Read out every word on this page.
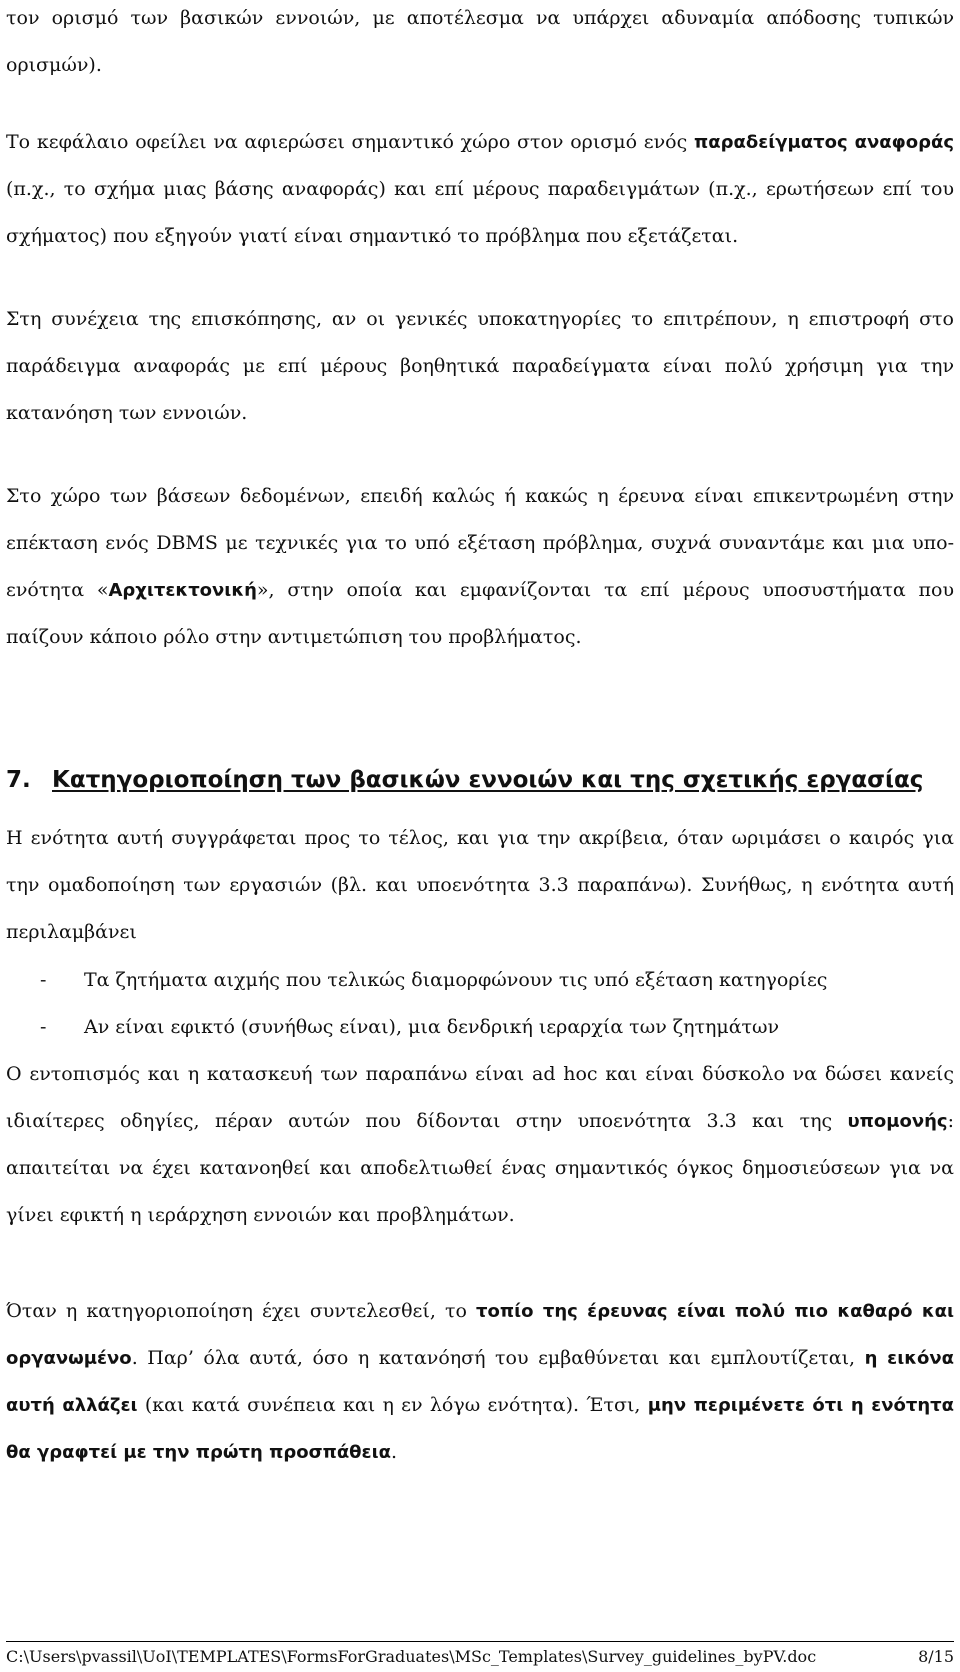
τον ορισμό των βασικών εννοιών, με αποτέλεσμα να υπάρχει αδυναμία απόδοσης τυπικών ορισμών).

Το κεφάλαιο οφείλει να αφιερώσει σημαντικό χώρο στον ορισμό ενός παραδείγματος αναφοράς (π.χ., το σχήμα μιας βάσης αναφοράς) και επί μέρους παραδειγμάτων (π.χ., ερωτήσεων επί του σχήματος) που εξηγούν γιατί είναι σημαντικό το πρόβλημα που εξετάζεται.

Στη συνέχεια της επισκόπησης, αν οι γενικές υποκατηγορίες το επιτρέπουν, η επιστροφή στο παράδειγμα αναφοράς με επί μέρους βοηθητικά παραδείγματα είναι πολύ χρήσιμη για την κατανόηση των εννοιών.

Στο χώρο των βάσεων δεδομένων, επειδή καλώς ή κακώς η έρευνα είναι επικεντρωμένη στην επέκταση ενός DBMS με τεχνικές για το υπό εξέταση πρόβλημα, συχνά συναντάμε και μια υπο-ενότητα «Αρχιτεκτονική», στην οποία και εμφανίζονται τα επί μέρους υποσυστήματα που παίζουν κάποιο ρόλο στην αντιμετώπιση του προβλήματος.

7. Κατηγοριοποίηση των βασικών εννοιών και της σχετικής εργασίας

Η ενότητα αυτή συγγράφεται προς το τέλος, και για την ακρίβεια, όταν ωριμάσει ο καιρός για την ομαδοποίηση των εργασιών (βλ. και υποενότητα 3.3 παραπάνω). Συνήθως, η ενότητα αυτή περιλαμβάνει

- Τα ζητήματα αιχμής που τελικώς διαμορφώνουν τις υπό εξέταση κατηγορίες
- Αν είναι εφικτό (συνήθως είναι), μια δενδρική ιεραρχία των ζητημάτων

Ο εντοπισμός και η κατασκευή των παραπάνω είναι ad hoc και είναι δύσκολο να δώσει κανείς ιδιαίτερες οδηγίες, πέραν αυτών που δίδονται στην υποενότητα 3.3 και της υπομονής: απαιτείται να έχει κατανοηθεί και αποδελτιωθεί ένας σημαντικός όγκος δημοσιεύσεων για να γίνει εφικτή η ιεράρχηση εννοιών και προβλημάτων.

Όταν η κατηγοριοποίηση έχει συντελεσθεί, το τοπίο της έρευνας είναι πολύ πιο καθαρό και οργανωμένο. Παρ’ όλα αυτά, όσο η κατανόησή του εμβαθύνεται και εμπλουτίζεται, η εικόνα αυτή αλλάζει (και κατά συνέπεια και η εν λόγω ενότητα). Έτσι, μην περιμένετε ότι η ενότητα θα γραφτεί με την πρώτη προσπάθεια.

C:\Users\pvassil\UoI\TEMPLATES\FormsForGraduates\MSc_Templates\Survey_guidelines_byPV.doc	8/15
